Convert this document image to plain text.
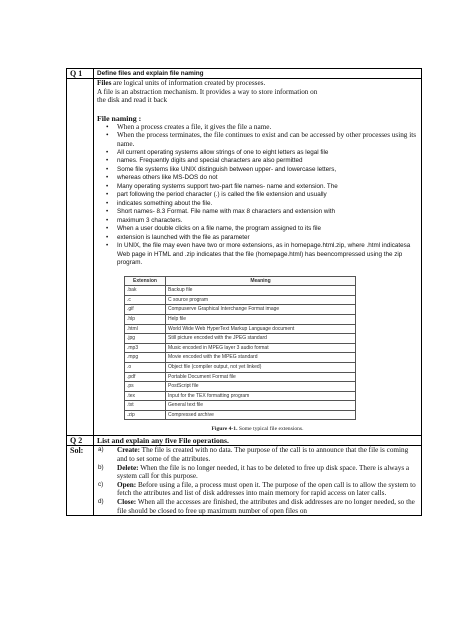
Q 1	Define files and explain file naming

Files are logical units of information created by processes.
A file is an abstraction mechanism. It provides a way to store information on
the disk and read it back
File naming :
• When a process creates a file, it gives the file a name.
• When the process terminates, the file continues to exist and can be accessed by other processes using its name.
• All current operating systems allow strings of one to eight letters as legal file
• names. Frequently digits and special characters are also permitted
• Some file systems like UNIX distinguish between upper- and lowercase letters,
• whereas others like MS-DOS do not
• Many operating systems support two-part file names- name and extension. The
• part following the period character (.) is called the file extension and usually
• indicates something about the file.
• Short names- 8.3 Format. File name with max 8 characters and extension with
• maximum 3 characters.
• When a user double clicks on a file name, the program assigned to its file
• extension is launched with the file as parameter
• In UNIX, the file may even have two or more extensions, as in homepage.html.zip, where .html indicatesa Web page in HTML and .zip indicates that the file (homepage.html) has beencompressed using the zip program.
Extension	Meaning
.bak	Backup file
.c	C source program
.gif	Compuserve Graphical Interchange Format image
.hlp	Help file
.html	World Wide Web HyperText Markup Language document
.jpg	Still picture encoded with the JPEG standard
.mp3	Music encoded in MPEG layer 3 audio format
.mpg	Movie encoded with the MPEG standard
.o	Object file (compiler output, not yet linked)
.pdf	Portable Document Format file
.ps	PostScript file
.tex	Input for the TEX formatting program
.txt	General text file
.zip	Compressed archive
Figure 4-1. Some typical file extensions.

Q 2	List and explain any five File operations.
Sol:	a) Create: The file is created with no data. The purpose of the call is to announce that the file is coming and to set some of the attributes.
b) Delete: When the file is no longer needed, it has to be deleted to free up disk space. There is always a system call for this purpose.
c) Open: Before using a file, a process must open it. The purpose of the open call is to allow the system to fetch the attributes and list of disk addresses into main memory for rapid access on later calls.
d) Close: When all the accesses are finished, the attributes and disk addresses are no longer needed, so the file should be closed to free up maximum number of open files on
